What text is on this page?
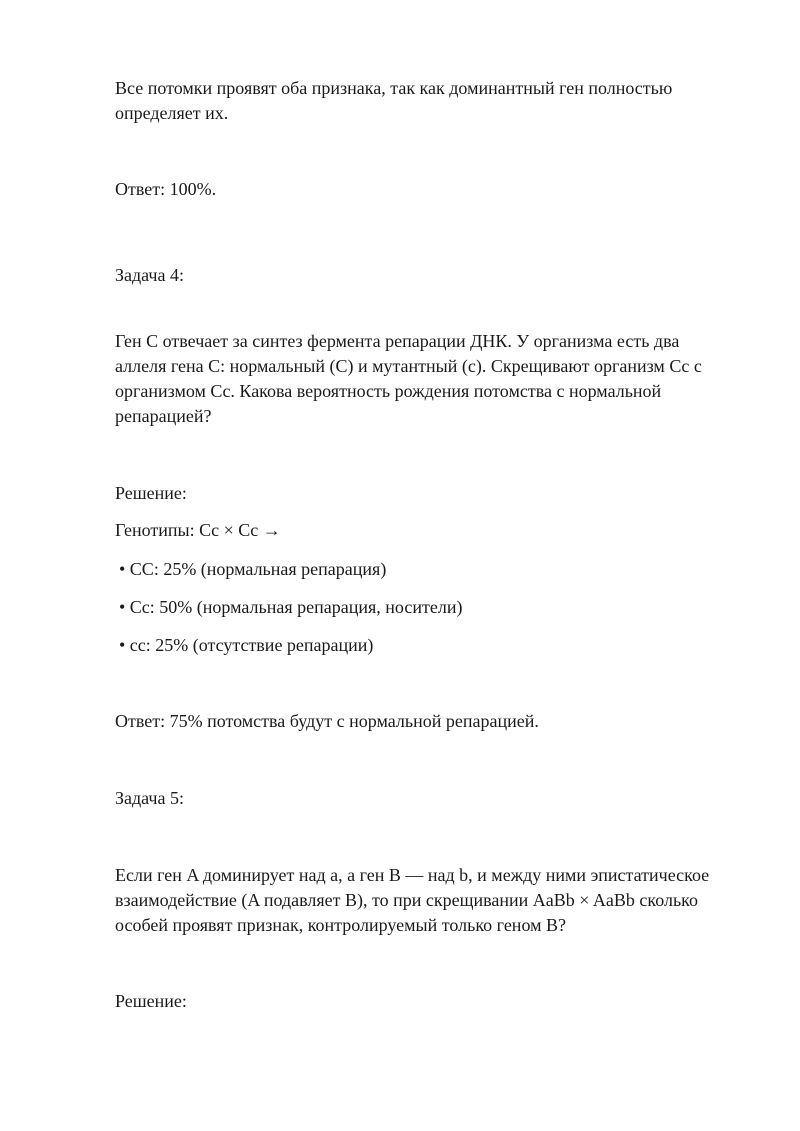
Все потомки проявят оба признака, так как доминантный ген полностью
определяет их.
Ответ: 100%.
Задача 4:
Ген C отвечает за синтез фермента репарации ДНК. У организма есть два
аллеля гена C: нормальный (C) и мутантный (c). Скрещивают организм Cc с
организмом Cc. Какова вероятность рождения потомства с нормальной
репарацией?
Решение:
Генотипы: Cc × Cc →
• CC: 25% (нормальная репарация)
• Cc: 50% (нормальная репарация, носители)
• cc: 25% (отсутствие репарации)
Ответ: 75% потомства будут с нормальной репарацией.
Задача 5:
Если ген A доминирует над a, а ген B — над b, и между ними эпистатическое
взаимодействие (A подавляет B), то при скрещивании AaBb × AaBb сколько
особей проявят признак, контролируемый только геном B?
Решение:
